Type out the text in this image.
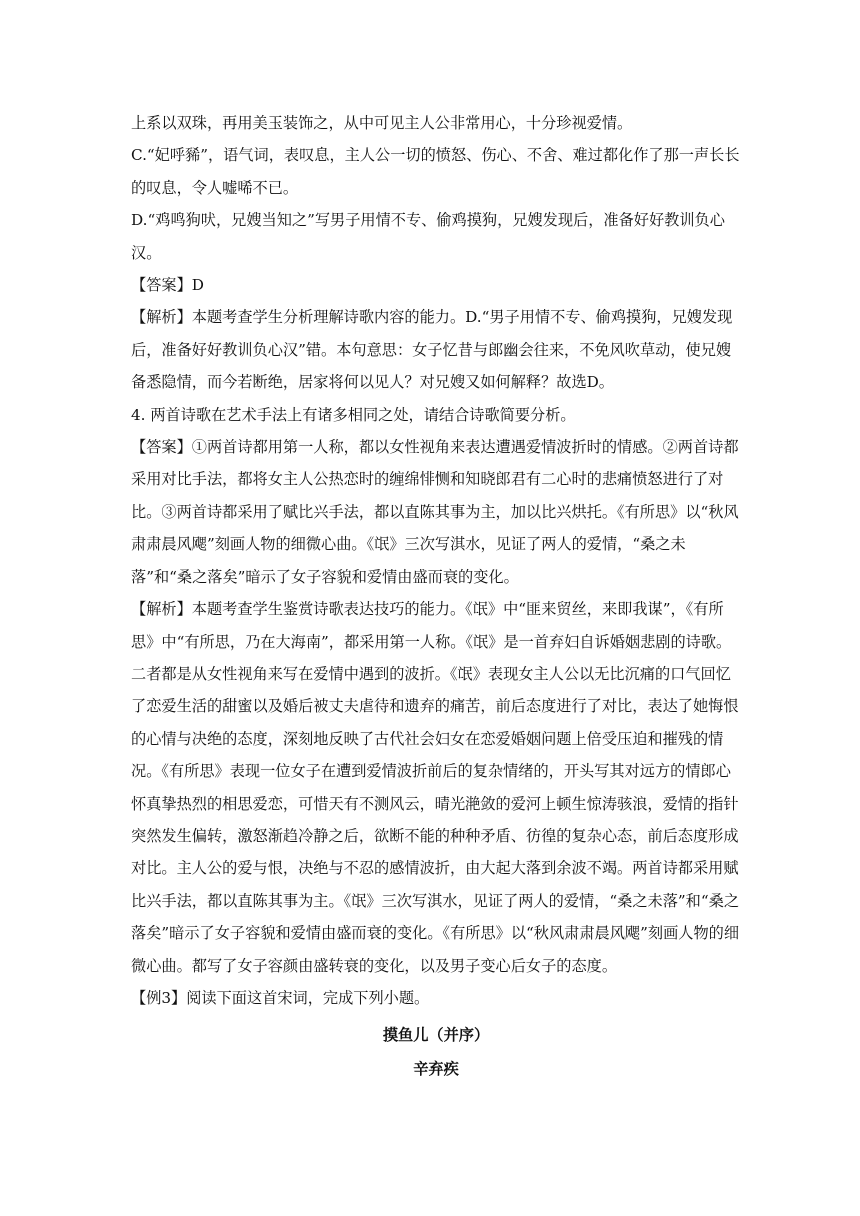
上系以双珠，再用美玉装饰之，从中可见主人公非常用心，十分珍视爱情。

C.“妃呼豨”，语气词，表叹息，主人公一切的愤怒、伤心、不舍、难过都化作了那一声长长的叹息，令人嘘唏不已。

D.“鸡鸣狗吠，兄嫂当知之”写男子用情不专、偷鸡摸狗，兄嫂发现后，准备好好教训负心汉。

【答案】D

【解析】本题考查学生分析理解诗歌内容的能力。D.“男子用情不专、偷鸡摸狗，兄嫂发现后，准备好好教训负心汉”错。本句意思：女子忆昔与郎幽会往来，不免风吹草动，使兄嫂备悉隐情，而今若断绝，居家将何以见人？对兄嫂又如何解释？故选D。

4. 两首诗歌在艺术手法上有诸多相同之处，请结合诗歌简要分析。

【答案】①两首诗都用第一人称，都以女性视角来表达遭遇爱情波折时的情感。②两首诗都采用对比手法，都将女主人公热恋时的缠绵悱恻和知晓郎君有二心时的悲痛愤怒进行了对比。③两首诗都采用了赋比兴手法，都以直陈其事为主，加以比兴烘托。《有所思》以“秋风肃肃晨风飔”刻画人物的细微心曲。《氓》三次写淇水，见证了两人的爱情，“桑之未落”和“桑之落矣”暗示了女子容貌和爱情由盛而衰的变化。

【解析】本题考查学生鉴赏诗歌表达技巧的能力。《氓》中“匪来贸丝，来即我谋”，《有所思》中“有所思，乃在大海南”，都采用第一人称。《氓》是一首弃妇自诉婚姻悲剧的诗歌。二者都是从女性视角来写在爱情中遇到的波折。《氓》表现女主人公以无比沉痛的口气回忆了恋爱生活的甜蜜以及婚后被丈夫虐待和遗弃的痛苦，前后态度进行了对比，表达了她悔恨的心情与决绝的态度，深刻地反映了古代社会妇女在恋爱婚姻问题上倍受压迫和摧残的情况。《有所思》表现一位女子在遭到爱情波折前后的复杂情绪的，开头写其对远方的情郎心怀真挚热烈的相思爱恋，可惜天有不测风云，晴光滟敛的爱河上顿生惊涛骇浪，爱情的指针突然发生偏转，激怒渐趋冷静之后，欲断不能的种种矛盾、彷徨的复杂心态，前后态度形成对比。主人公的爱与恨，决绝与不忍的感情波折，由大起大落到余波不竭。两首诗都采用赋比兴手法，都以直陈其事为主。《氓》三次写淇水，见证了两人的爱情，“桑之未落”和“桑之落矣”暗示了女子容貌和爱情由盛而衰的变化。《有所思》以“秋风肃肃晨风飔”刻画人物的细微心曲。都写了女子容颜由盛转衰的变化，以及男子变心后女子的态度。

【例3】阅读下面这首宋词，完成下列小题。

摸鱼儿（并序）

辛弃疾
